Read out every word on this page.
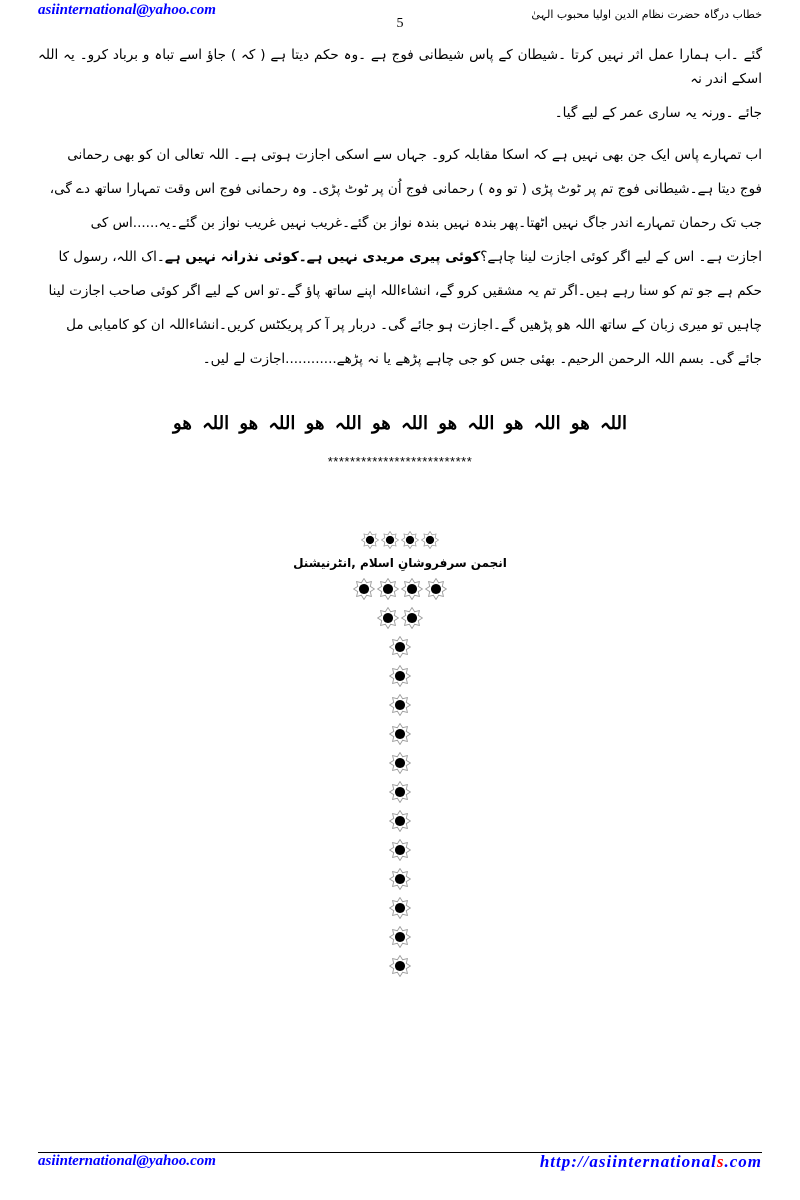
asiinternational@yahoo.com	خطاب درگاہ حضرت نظام الدین اولیا محبوب الہیٰ
5
گئے ۔اب ہمارا عمل اثر نہیں کرتا ۔شیطان کے پاس شیطانی فوج ہے ۔وہ حکم دیتا ہے ( کہ ) جاؤ اسے تباہ و برباد کرو۔ یہ اللہ اسکے اندر نہ
جائے ۔ورنہ یہ ساری عمر کے لیے گیا۔
اب تمہارے پاس ایک جن بھی نہیں ہے کہ اسکا مقابلہ کرو۔ جہاں سے اسکی اجازت ہوتی ہے۔ اللہ تعالی ان کو بھی رحمانی
فوج دیتا ہے۔شیطانی فوج تم پر ٹوٹ پڑی ( تو وہ ) رحمانی فوج اُن پر ٹوٹ پڑی۔ وہ رحمانی فوج اس وقت تمہارا ساتھ دے گی،
جب تک رحمان تمہارے اندر جاگ نہیں اٹھتا۔پھر بندہ نہیں بندہ نواز بن گئے۔غریب نہیں غریب نواز بن گئے۔یہ......اس کی
اجازت ہے۔ اس کے لیے اگر کوئی اجازت لینا چاہے؟کوئی پیری مریدی نہیں ہے۔کوئی نذرانہ نہیں ہے۔اک اللہ، رسول کا
حکم ہے جو تم کو سنا رہے ہیں۔اگر تم یہ مشقیں کرو گے، انشاءاللہ اپنے ساتھ پاؤ گے۔تو اس کے لیے اگر کوئی صاحب اجازت لینا
چاہیں تو میری زبان کے ساتھ اللہ ھو پڑھیں گے۔اجازت ہو جائے گی۔ دربار پر آ کر پریکٹس کریں۔انشاءاللہ ان کو کامیابی مل
جائے گی۔ بسم اللہ الرحمن الرحیم۔ بھئی جس کو جی چاہے پڑھے یا نہ پڑھے............اجازت لے لیں۔
اللہ ھو اللہ ھو اللہ ھو اللہ ھو اللہ ھو اللہ ھو اللہ ھو
**************************
انجمن سرفروشانِ اسلام ,انٹرنیشنل
asiinternational@yahoo.com	http://asiinternationals.com
